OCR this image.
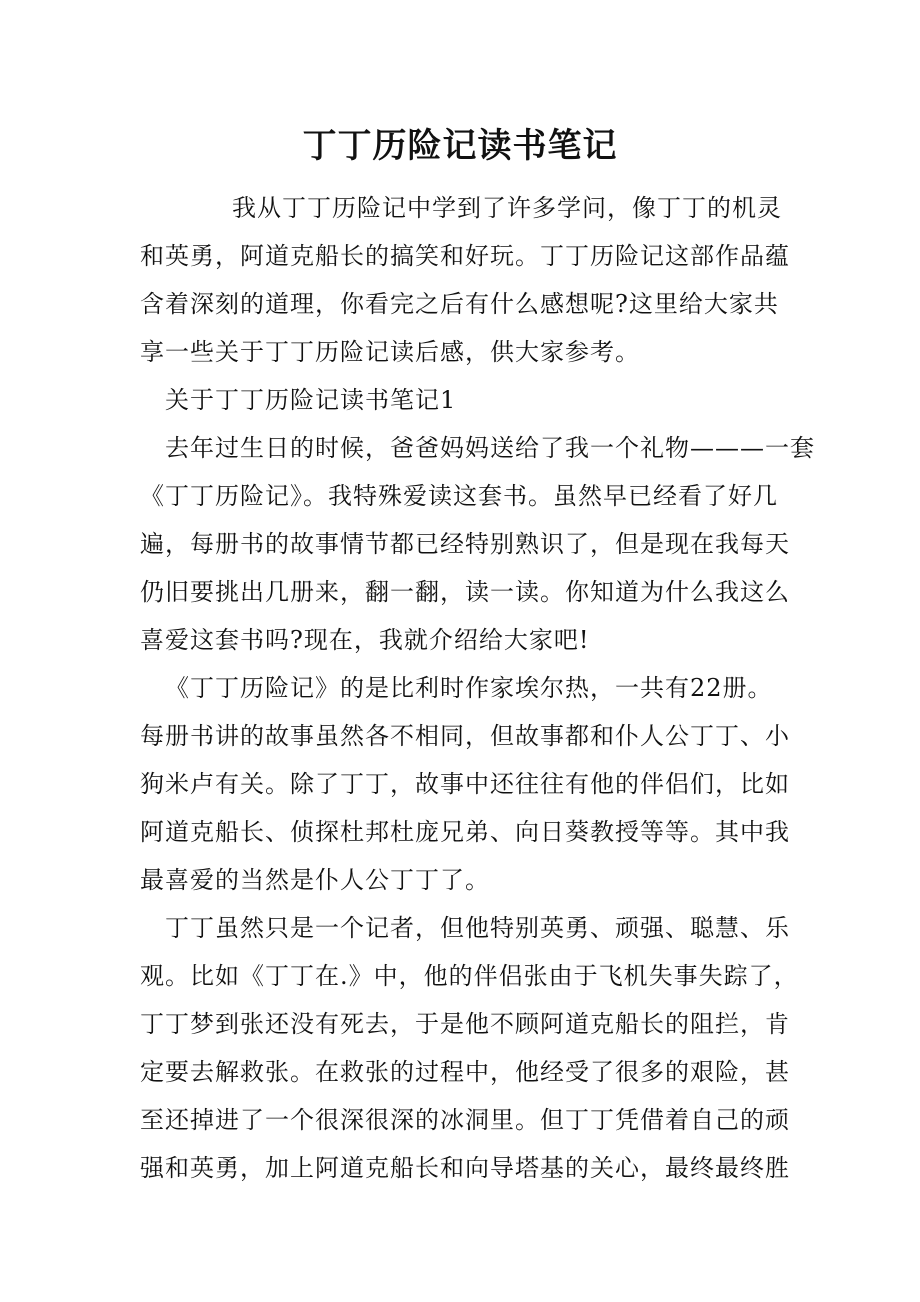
丁丁历险记读书笔记
我从丁丁历险记中学到了许多学问，像丁丁的机灵
和英勇，阿道克船长的搞笑和好玩。丁丁历险记这部作品蕴
含着深刻的道理，你看完之后有什么感想呢?这里给大家共
享一些关于丁丁历险记读后感，供大家参考。
关于丁丁历险记读书笔记1
去年过生日的时候，爸爸妈妈送给了我一个礼物———一套
《丁丁历险记》。我特殊爱读这套书。虽然早已经看了好几
遍，每册书的故事情节都已经特别熟识了，但是现在我每天
仍旧要挑出几册来，翻一翻，读一读。你知道为什么我这么
喜爱这套书吗?现在，我就介绍给大家吧!
《丁丁历险记》的是比利时作家埃尔热，一共有22册。
每册书讲的故事虽然各不相同，但故事都和仆人公丁丁、小
狗米卢有关。除了丁丁，故事中还往往有他的伴侣们，比如
阿道克船长、侦探杜邦杜庞兄弟、向日葵教授等等。其中我
最喜爱的当然是仆人公丁丁了。
丁丁虽然只是一个记者，但他特别英勇、顽强、聪慧、乐
观。比如《丁丁在.》中，他的伴侣张由于飞机失事失踪了，
丁丁梦到张还没有死去，于是他不顾阿道克船长的阻拦，肯
定要去解救张。在救张的过程中，他经受了很多的艰险，甚
至还掉进了一个很深很深的冰洞里。但丁丁凭借着自己的顽
强和英勇，加上阿道克船长和向导塔基的关心，最终最终胜
